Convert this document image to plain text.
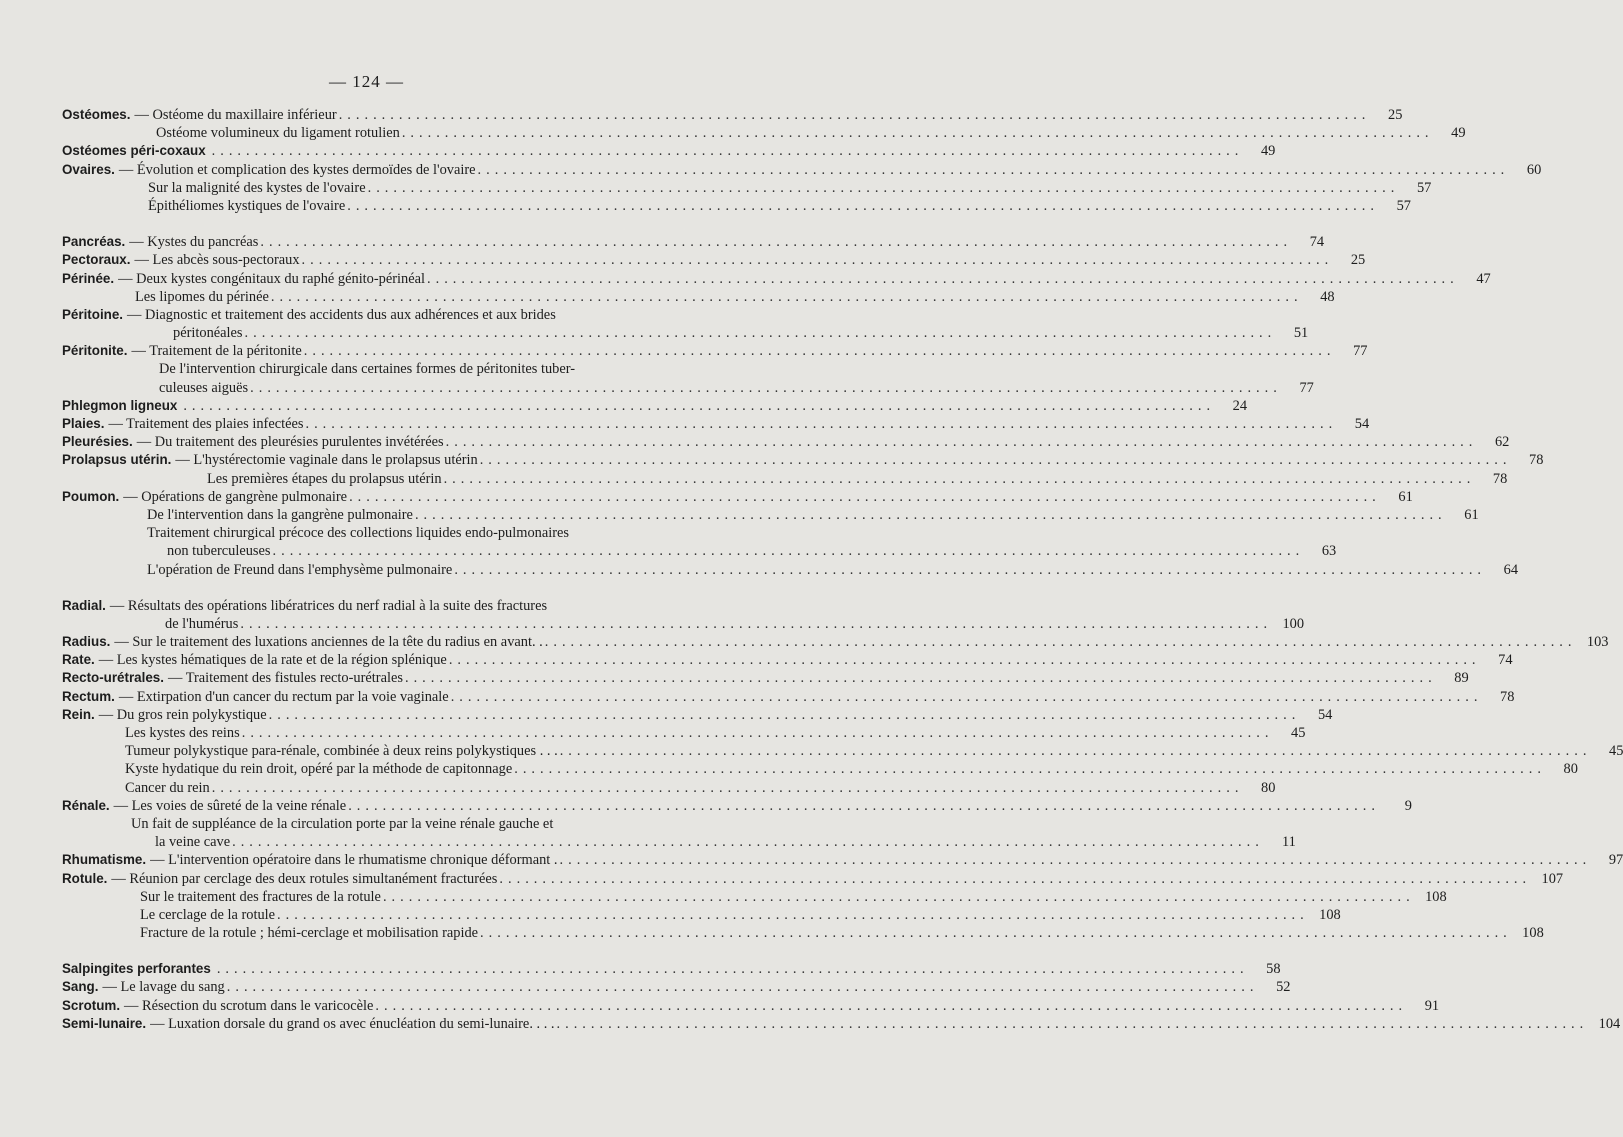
— 124 —
Ostéomes. — Ostéome du maxillaire inférieur ........................................................................................................................	25
Ostéome volumineux du ligament rotulien ........................................................................................................................	49
Ostéomes péri-coxaux ........................................................................................................................	49
Ovaires. — Évolution et complication des kystes dermoïdes de l'ovaire ........................................................................................................................	60
Sur la malignité des kystes de l'ovaire ........................................................................................................................	57
Épithéliomes kystiques de l'ovaire ........................................................................................................................	57
Pancréas. — Kystes du pancréas ........................................................................................................................	74
Pectoraux. — Les abcès sous-pectoraux ........................................................................................................................	25
Périnée. — Deux kystes congénitaux du raphé génito-périnéal ........................................................................................................................	47
Les lipomes du périnée ........................................................................................................................	48
Péritoine. — Diagnostic et traitement des accidents dus aux adhérences et aux brides
péritonéales ........................................................................................................................	51
Péritonite. — Traitement de la péritonite ........................................................................................................................	77
De l'intervention chirurgicale dans certaines formes de péritonites tuber-
culeuses aiguës ........................................................................................................................	77
Phlegmon ligneux ........................................................................................................................	24
Plaies. — Traitement des plaies infectées ........................................................................................................................	54
Pleurésies. — Du traitement des pleurésies purulentes invétérées ........................................................................................................................	62
Prolapsus utérin. — L'hystérectomie vaginale dans le prolapsus utérin ........................................................................................................................	78
Les premières étapes du prolapsus utérin ........................................................................................................................	78
Poumon. — Opérations de gangrène pulmonaire ........................................................................................................................	61
De l'intervention dans la gangrène pulmonaire ........................................................................................................................	61
Traitement chirurgical précoce des collections liquides endo-pulmonaires
non tuberculeuses ........................................................................................................................	63
L'opération de Freund dans l'emphysème pulmonaire ........................................................................................................................	64
Radial. — Résultats des opérations libératrices du nerf radial à la suite des fractures
de l'humérus ........................................................................................................................ 100
Radius. — Sur le traitement des luxations anciennes de la tête du radius en avant. . ........................................................................................................................ 103
Rate. — Les kystes hématiques de la rate et de la région splénique ........................................................................................................................	74
Recto-urétrales. — Traitement des fistules recto-urétrales ........................................................................................................................	89
Rectum. — Extirpation d'un cancer du rectum par la voie vaginale ........................................................................................................................	78
Rein. — Du gros rein polykystique ........................................................................................................................	54
Les kystes des reins ........................................................................................................................	45
Tumeur polykystique para-rénale, combinée à deux reins polykystiques . . . ........................................................................................................................	45
Kyste hydatique du rein droit, opéré par la méthode de capitonnage ........................................................................................................................	80
Cancer du rein ........................................................................................................................	80
Rénale. — Les voies de sûreté de la veine rénale ........................................................................................................................	9
Un fait de suppléance de la circulation porte par la veine rénale gauche et
la veine cave ........................................................................................................................	11
Rhumatisme. — L'intervention opératoire dans le rhumatisme chronique déformant . ........................................................................................................................	97
Rotule. — Réunion par cerclage des deux rotules simultanément fracturées ........................................................................................................................ 107
Sur le traitement des fractures de la rotule ........................................................................................................................ 108
Le cerclage de la rotule ........................................................................................................................ 108
Fracture de la rotule ; hémi-cerclage et mobilisation rapide ........................................................................................................................ 108
Salpingites perforantes ........................................................................................................................	58
Sang. — Le lavage du sang ........................................................................................................................	52
Scrotum. — Résection du scrotum dans le varicocèle ........................................................................................................................	91
Semi-lunaire. — Luxation dorsale du grand os avec énucléation du semi-lunaire. . . . ........................................................................................................................ 104
